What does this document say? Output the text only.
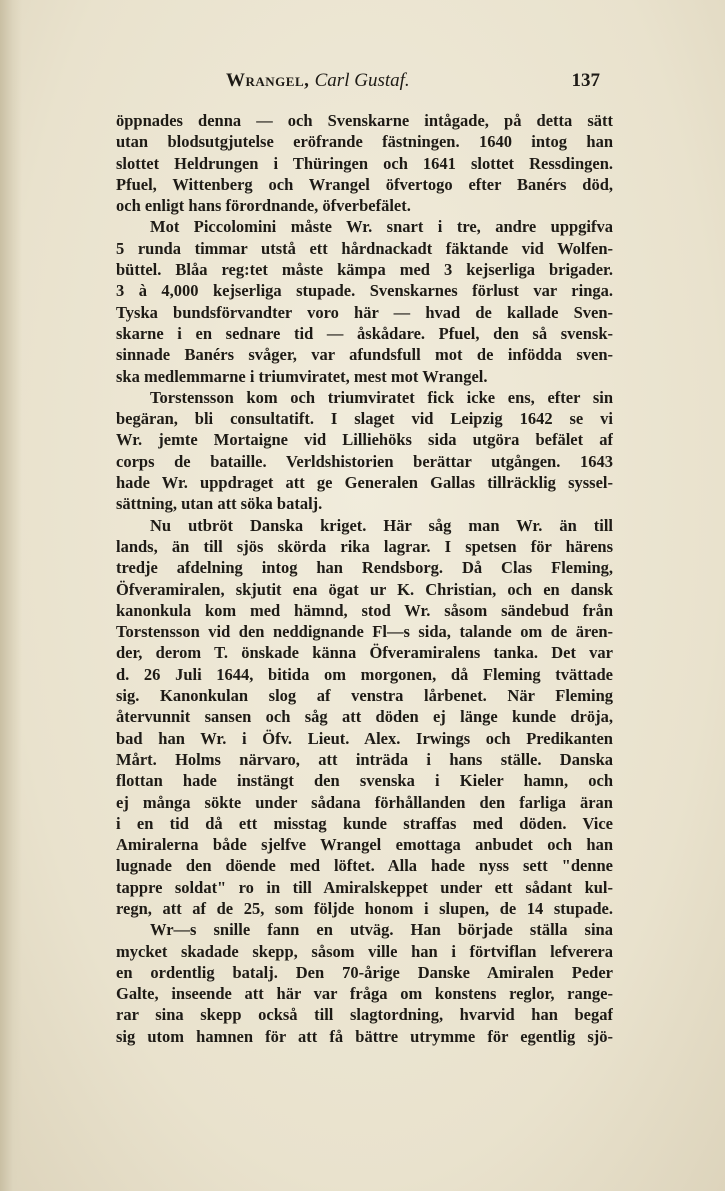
Wrangel, Carl Gustaf.	137
öppnades denna — och Svenskarne intågade, på detta sätt
utan blodsutgjutelse eröfrande fästningen. 1640 intog han
slottet Heldrungen i Thüringen och 1641 slottet Ressdingen.
Pfuel, Wittenberg och Wrangel öfvertogo efter Banérs död,
och enligt hans förordnande, öfverbefälet.
Mot Piccolomini måste Wr. snart i tre, andre uppgifva
5 runda timmar utstå ett hårdnackadt fäktande vid Wolfen-
büttel. Blåa reg:tet måste kämpa med 3 kejserliga brigader.
3 à 4,000 kejserliga stupade. Svenskarnes förlust var ringa.
Tyska bundsförvandter voro här — hvad de kallade Sven-
skarne i en sednare tid — åskådare. Pfuel, den så svensk-
sinnade Banérs svåger, var afundsfull mot de infödda sven-
ska medlemmarne i triumviratet, mest mot Wrangel.
Torstensson kom och triumviratet fick icke ens, efter sin
begäran, bli consultatift. I slaget vid Leipzig 1642 se vi
Wr. jemte Mortaigne vid Lilliehöks sida utgöra befälet af
corps de bataille. Verldshistorien berättar utgången. 1643
hade Wr. uppdraget att ge Generalen Gallas tillräcklig syssel-
sättning, utan att söka batalj.
Nu utbröt Danska kriget. Här såg man Wr. än till
lands, än till sjös skörda rika lagrar. I spetsen för härens
tredje afdelning intog han Rendsborg. Då Clas Fleming,
Öfveramiralen, skjutit ena ögat ur K. Christian, och en dansk
kanonkula kom med hämnd, stod Wr. såsom sändebud från
Torstensson vid den neddignande Fl—s sida, talande om de ären-
der, derom T. önskade känna Öfveramiralens tanka. Det var
d. 26 Juli 1644, bitida om morgonen, då Fleming tvättade
sig. Kanonkulan slog af venstra lårbenet. När Fleming
återvunnit sansen och såg att döden ej länge kunde dröja,
bad han Wr. i Öfv. Lieut. Alex. Irwings och Predikanten
Mårt. Holms närvaro, att inträda i hans ställe. Danska
flottan hade instängt den svenska i Kieler hamn, och
ej många sökte under sådana förhållanden den farliga äran
i en tid då ett misstag kunde straffas med döden. Vice
Amiralerna både sjelfve Wrangel emottaga anbudet och han
lugnade den döende med löftet. Alla hade nyss sett "denne
tappre soldat" ro in till Amiralskeppet under ett sådant kul-
regn, att af de 25, som följde honom i slupen, de 14 stupade.
Wr—s snille fann en utväg. Han började ställa sina
mycket skadade skepp, såsom ville han i förtviflan lefverera
en ordentlig batalj. Den 70-årige Danske Amiralen Peder
Galte, inseende att här var fråga om konstens reglor, range-
rar sina skepp också till slagtordning, hvarvid han begaf
sig utom hamnen för att få bättre utrymme för egentlig sjö-
